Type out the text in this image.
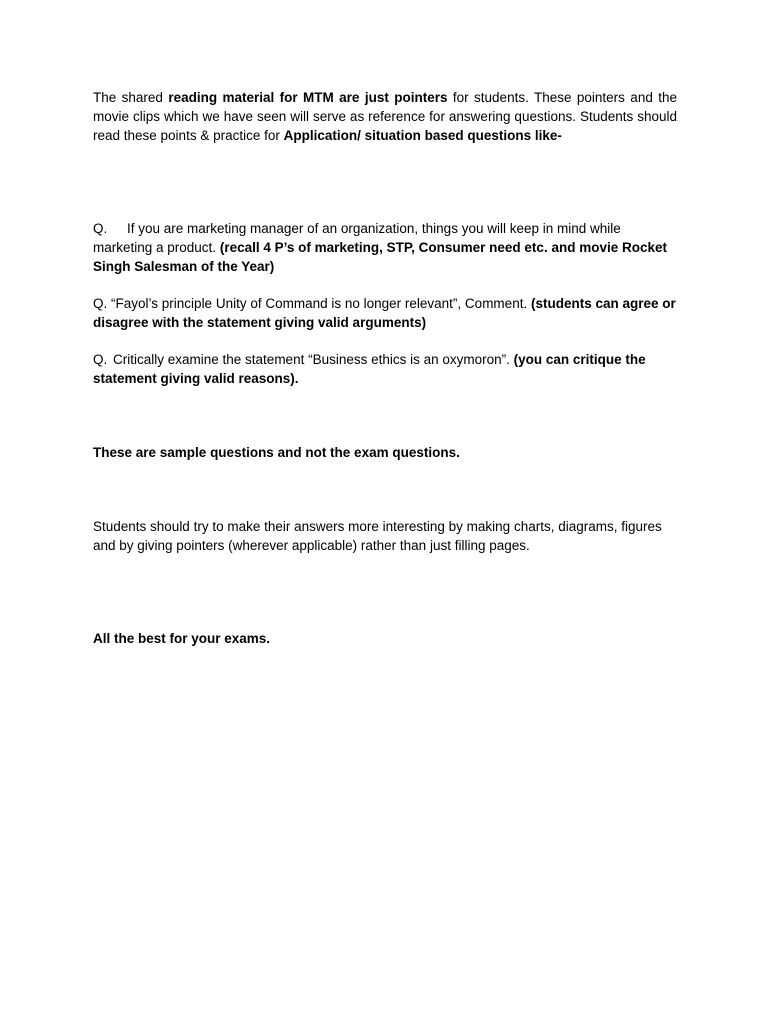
The shared reading material for MTM are just pointers for students. These pointers and the movie clips which we have seen will serve as reference for answering questions. Students should read these points & practice for Application/ situation based questions like-

Q. If you are marketing manager of an organization, things you will keep in mind while marketing a product. (recall 4 P’s of marketing, STP, Consumer need etc. and movie Rocket Singh Salesman of the Year)

Q. “Fayol’s principle Unity of Command is no longer relevant”, Comment. (students can agree or disagree with the statement giving valid arguments)

Q. Critically examine the statement “Business ethics is an oxymoron”. (you can critique the statement giving valid reasons).

These are sample questions and not the exam questions.

Students should try to make their answers more interesting by making charts, diagrams, figures and by giving pointers (wherever applicable) rather than just filling pages.

All the best for your exams.
